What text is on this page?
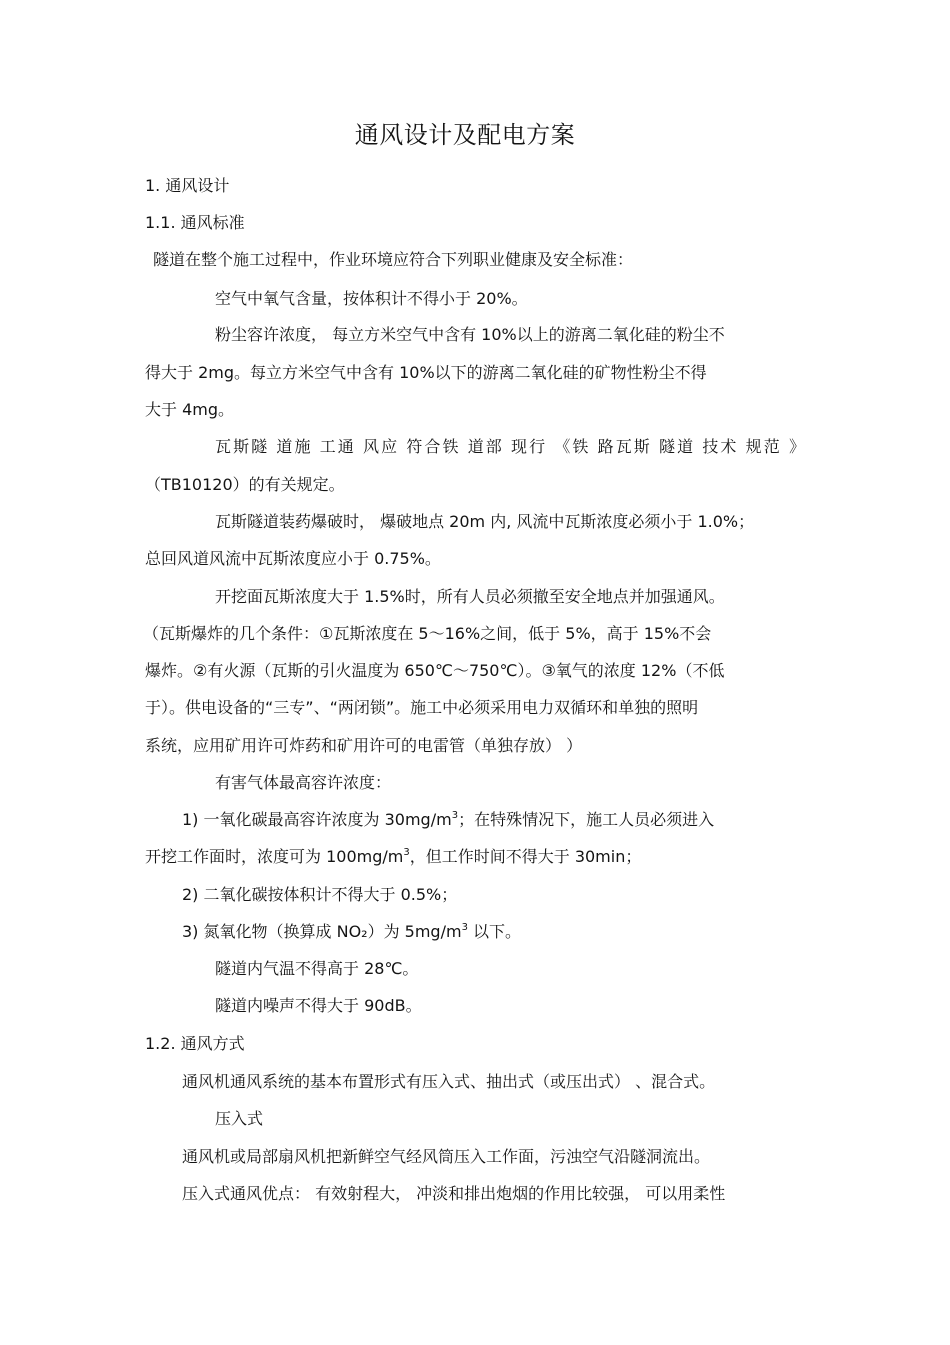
通风设计及配电方案
1. 通风设计
1.1. 通风标准
隧道在整个施工过程中，作业环境应符合下列职业健康及安全标准：
空气中氧气含量，按体积计不得小于 20%。
粉尘容许浓度， 每立方米空气中含有 10%以上的游离二氧化硅的粉尘不
得大于 2mg。每立方米空气中含有 10%以下的游离二氧化硅的矿物性粉尘不得
大于 4mg。
瓦斯隧 道施 工通 风应 符合铁 道部 现行 《铁 路瓦斯 隧道 技术 规范 》
（TB10120）的有关规定。
瓦斯隧道装药爆破时， 爆破地点 20m 内, 风流中瓦斯浓度必须小于 1.0%；
总回风道风流中瓦斯浓度应小于 0.75%。
开挖面瓦斯浓度大于 1.5%时，所有人员必须撤至安全地点并加强通风。
（瓦斯爆炸的几个条件：①瓦斯浓度在 5～16%之间，低于 5%，高于 15%不会
爆炸。②有火源（瓦斯的引火温度为 650℃～750℃）。③氧气的浓度 12%（不低
于）。供电设备的“三专”、“两闭锁”。施工中必须采用电力双循环和单独的照明
系统，应用矿用许可炸药和矿用许可的电雷管（单独存放） ）
有害气体最高容许浓度：
1) 一氧化碳最高容许浓度为 $30mg/m^3$；在特殊情况下，施工人员必须进入
开挖工作面时，浓度可为 $100mg/m^3$，但工作时间不得大于 30min；
2) 二氧化碳按体积计不得大于 0.5%；
3) 氮氧化物（换算成 NO₂）为 $5mg/m^3$ 以下。
隧道内气温不得高于 28℃。
隧道内噪声不得大于 90dB。
1.2. 通风方式
通风机通风系统的基本布置形式有压入式、抽出式（或压出式） 、混合式。
压入式
通风机或局部扇风机把新鲜空气经风筒压入工作面，污浊空气沿隧洞流出。
压入式通风优点： 有效射程大， 冲淡和排出炮烟的作用比较强， 可以用柔性
